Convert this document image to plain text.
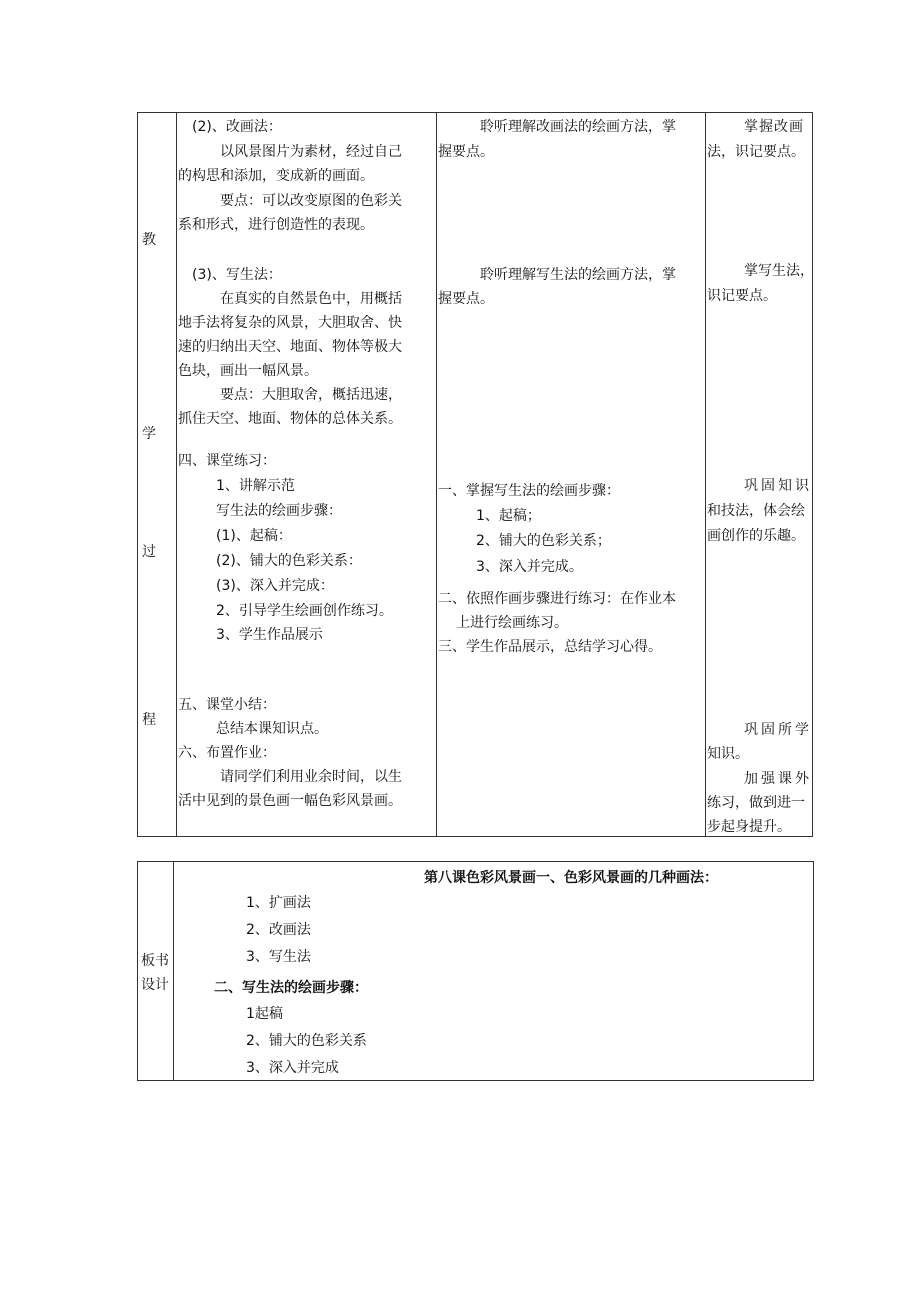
教
学
过
程
(2)、改画法：
以风景图片为素材，经过自己
的构思和添加，变成新的画面。
要点：可以改变原图的色彩关
系和形式，进行创造性的表现。
(3)、写生法：
在真实的自然景色中，用概括
地手法将复杂的风景，大胆取舍、快
速的归纳出天空、地面、物体等极大
色块，画出一幅风景。
要点：大胆取舍，概括迅速，
抓住天空、地面、物体的总体关系。
四、课堂练习：
1、讲解示范
写生法的绘画步骤：
(1)、起稿：
(2)、铺大的色彩关系：
(3)、深入并完成：
2、引导学生绘画创作练习。
3、学生作品展示
五、课堂小结：
总结本课知识点。
六、布置作业：
请同学们利用业余时间，以生
活中见到的景色画一幅色彩风景画。
聆听理解改画法的绘画方法，掌
握要点。
聆听理解写生法的绘画方法，掌
握要点。
一、掌握写生法的绘画步骤：
1、起稿；
2、铺大的色彩关系；
3、深入并完成。
二、依照作画步骤进行练习：在作业本
上进行绘画练习。
三、学生作品展示，总结学习心得。
掌握改画
法，识记要点。
掌写生法，
识记要点。
巩固知识
和技法，体会绘
画创作的乐趣。
巩固所学
知识。
加强课外
练习，做到进一
步起身提升。
板书
设计
第八课色彩风景画一、色彩风景画的几种画法：
1、扩画法
2、改画法
3、写生法
二、写生法的绘画步骤：
1起稿
2、铺大的色彩关系
3、深入并完成
